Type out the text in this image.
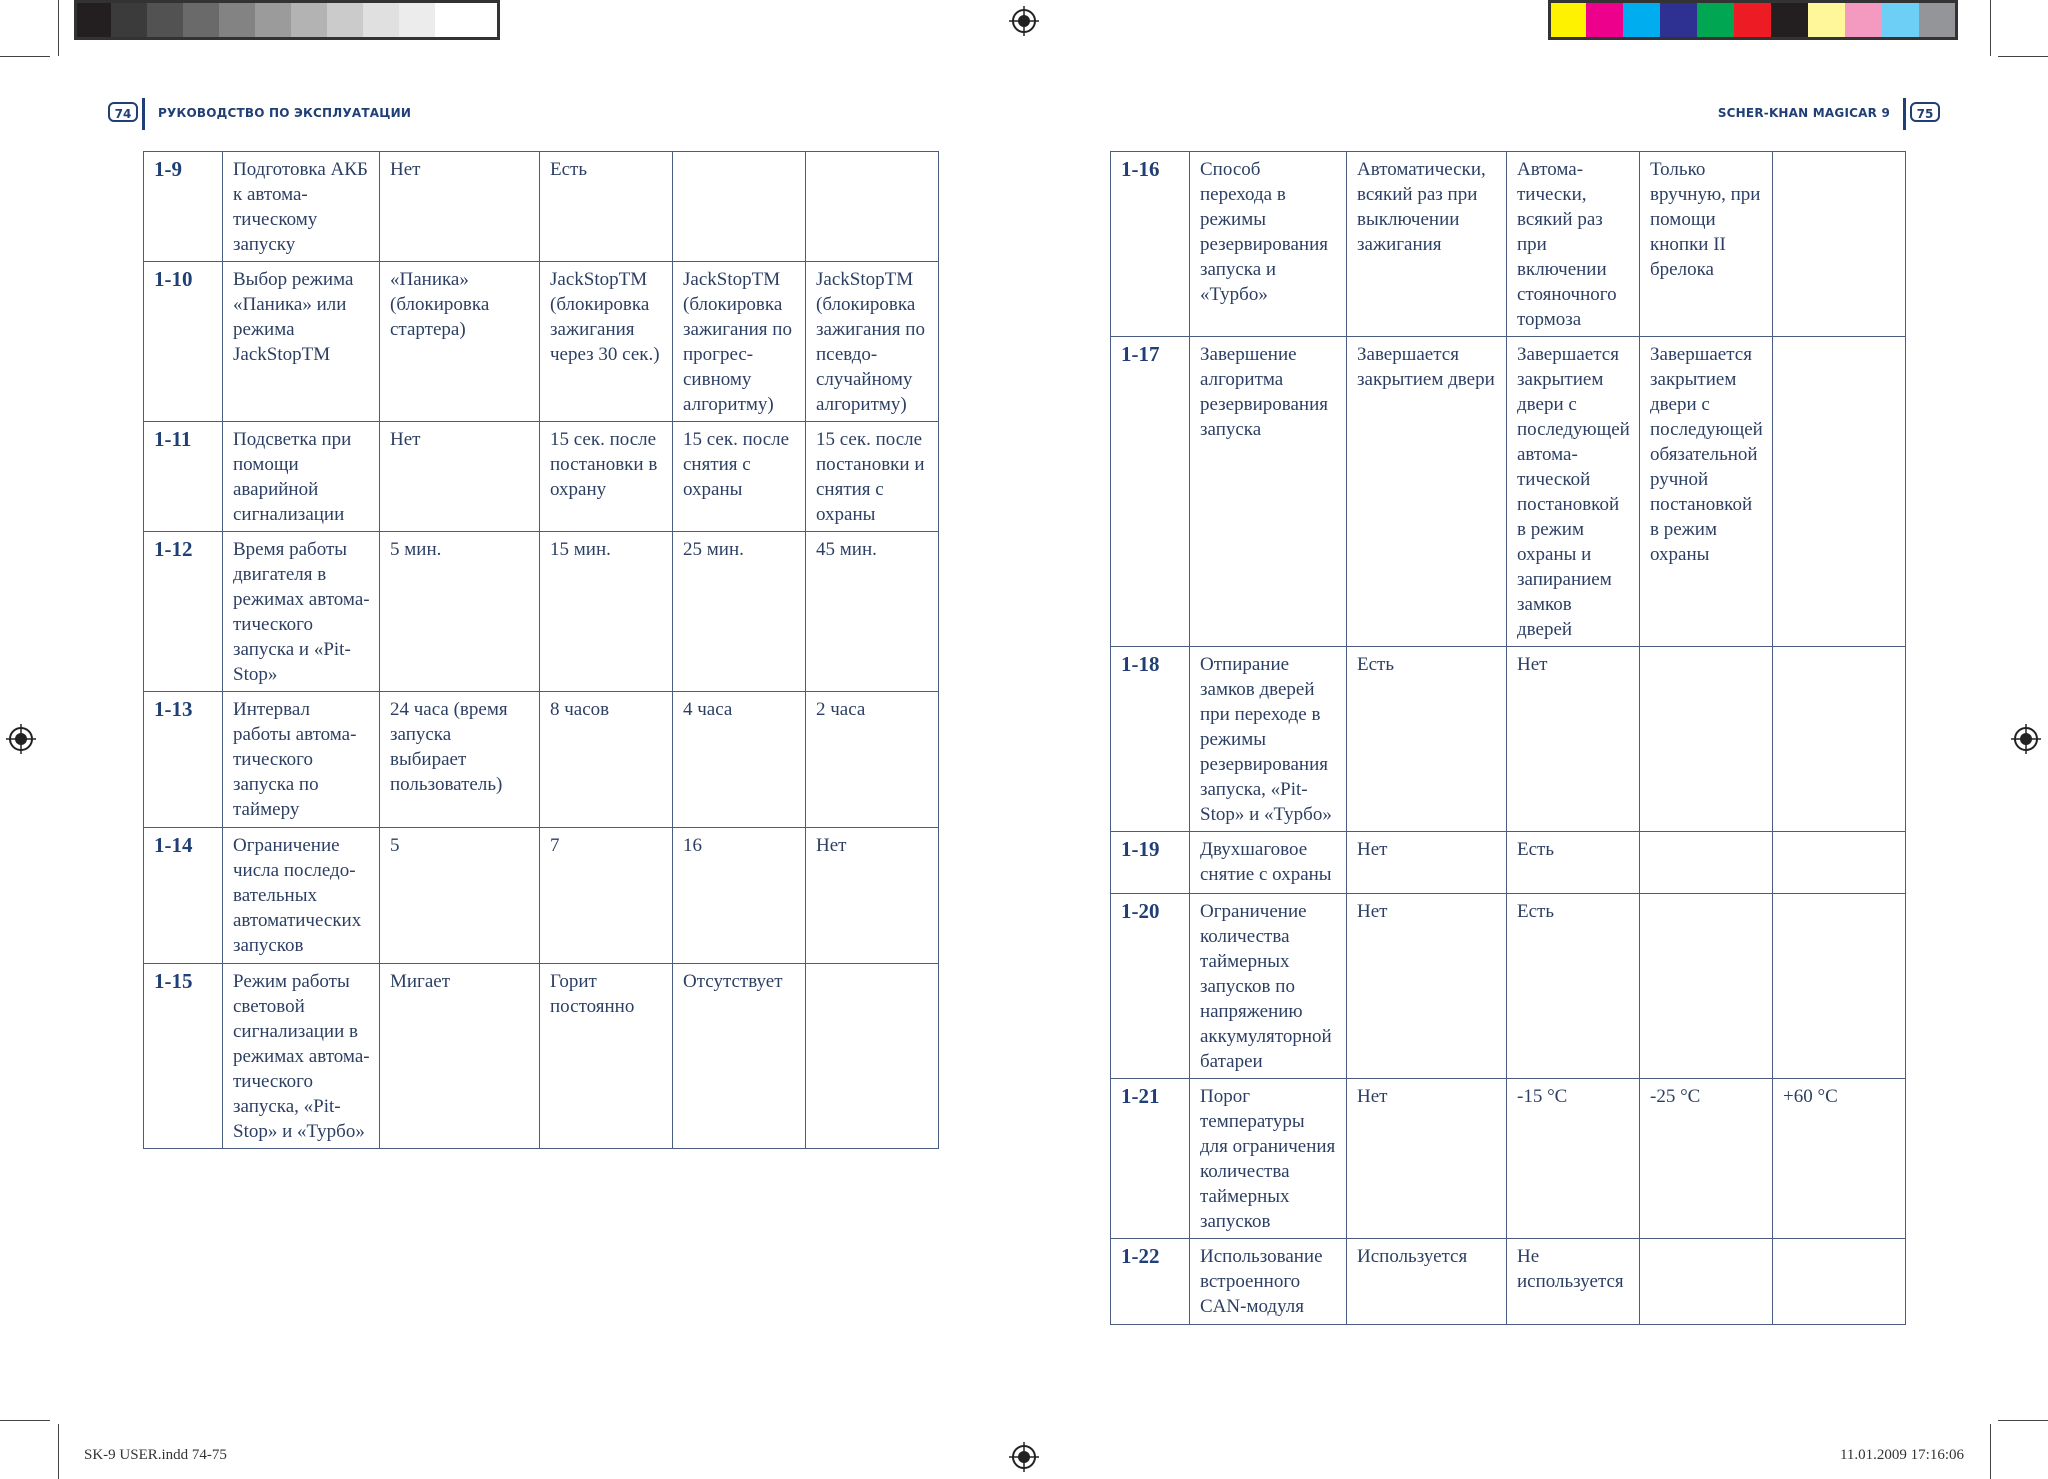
74	РУКОВОДСТВО ПО ЭКСПЛУАТАЦИИ	SCHER-KHAN MAGICAR 9	75
1-9	Подготовка АКБ к автома-тическому запуску	Нет	Есть		
1-10	Выбор режима «Паника» или режима JackStopTM	«Паника» (блокировка стартера)	JackStopTM (блокировка зажигания через 30 сек.)	JackStopTM (блокировка зажигания по прогрес-сивному алгоритму)	JackStopTM (блокировка зажигания по псевдо-случайному алгоритму)
1-11	Подсветка при помощи аварийной сигнализации	Нет	15 сек. после постановки в охрану	15 сек. после снятия с охраны	15 сек. после постановки и снятия с охраны
1-12	Время работы двигателя в режимах автома-тического запуска и «Pit-Stop»	5 мин.	15 мин.	25 мин.	45 мин.
1-13	Интервал работы автома-тического запуска по таймеру	24 часа (время запуска выбирает пользователь)	8 часов	4 часа	2 часа
1-14	Ограничение числа последо-вательных автоматических запусков	5	7	16	Нет
1-15	Режим работы световой сигнализации в режимах автома-тического запуска, «Pit-Stop» и «Турбо»	Мигает	Горит постоянно	Отсутствует	
1-16	Способ перехода в режимы резервирования запуска и «Турбо»	Автоматически, всякий раз при выключении зажигания	Автома-тически, всякий раз при включении стояночного тормоза	Только вручную, при помощи кнопки II брелока	
1-17	Завершение алгоритма резервирования запуска	Завершается закрытием двери	Завершается закрытием двери с последующей автома-тической постановкой в режим охраны и запиранием замков дверей	Завершается закрытием двери с последующей обязательной ручной постановкой в режим охраны	
1-18	Отпирание замков дверей при переходе в режимы резервирования запуска, «Pit-Stop» и «Турбо»	Есть	Нет		
1-19	Двухшаговое снятие с охраны	Нет	Есть		
1-20	Ограничение количества таймерных запусков по напряжению аккумуляторной батареи	Нет	Есть		
1-21	Порог температуры для ограничения количества таймерных запусков	Нет	-15 °C	-25 °C	+60 °C
1-22	Использование встроенного CAN-модуля	Используется	Не используется		
SK-9 USER.indd 74-75	11.01.2009 17:16:06
